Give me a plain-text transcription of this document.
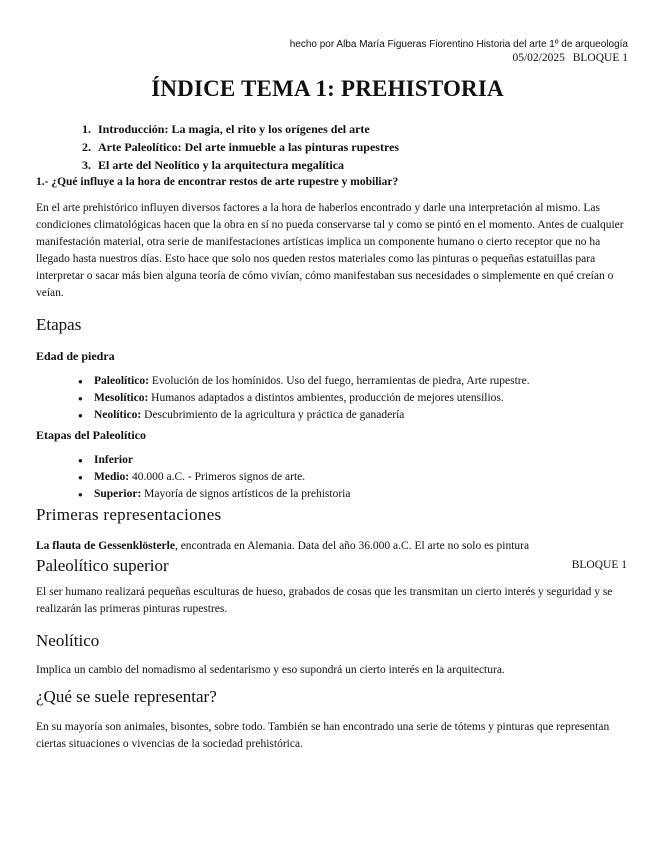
hecho por Alba María Figueras Fiorentino Historia del arte 1º de arqueología
05/02/2025 BLOQUE 1
ÍNDICE TEMA 1: PREHISTORIA
1. Introducción: La magia, el rito y los orígenes del arte
2. Arte Paleolítico: Del arte inmueble a las pinturas rupestres
3. El arte del Neolítico y la arquitectura megalítica
1.- ¿Qué influye a la hora de encontrar restos de arte rupestre y mobiliar?

En el arte prehistórico influyen diversos factores a la hora de haberlos encontrado y darle una interpretación al mismo. Las condiciones climatológicas hacen que la obra en sí no pueda conservarse tal y como se pintó en el momento. Antes de cualquier manifestación material, otra serie de manifestaciones artísticas implica un componente humano o cierto receptor que no ha llegado hasta nuestros días. Esto hace que solo nos queden restos materiales como las pinturas o pequeñas estatuillas para interpretar o sacar más bien alguna teoría de cómo vivían, cómo manifestaban sus necesidades o simplemente en qué creían o veían.

Etapas
Edad de piedra
● Paleolítico: Evolución de los homínidos. Uso del fuego, herramientas de piedra, Arte rupestre.
● Mesolítico: Humanos adaptados a distintos ambientes, producción de mejores utensilios.
● Neolítico: Descubrimiento de la agricultura y práctica de ganadería
Etapas del Paleolítico
● Inferior
● Medio: 40.000 a.C. - Primeros signos de arte.
● Superior: Mayoría de signos artísticos de la prehistoria
Primeras representaciones

La flauta de Gessenklösterle, encontrada en Alemania. Data del año 36.000 a.C. El arte no solo es pintura

Paleolítico superior	BLOQUE 1

El ser humano realizará pequeñas esculturas de hueso, grabados de cosas que les transmitan un cierto interés y seguridad y se realizarán las primeras pinturas rupestres.

Neolítico

Implica un cambio del nomadismo al sedentarismo y eso supondrá un cierto interés en la arquitectura.

¿Qué se suele representar?

En su mayoría son animales, bisontes, sobre todo. También se han encontrado una serie de tótems y pinturas que representan ciertas situaciones o vivencias de la sociedad prehistórica.
